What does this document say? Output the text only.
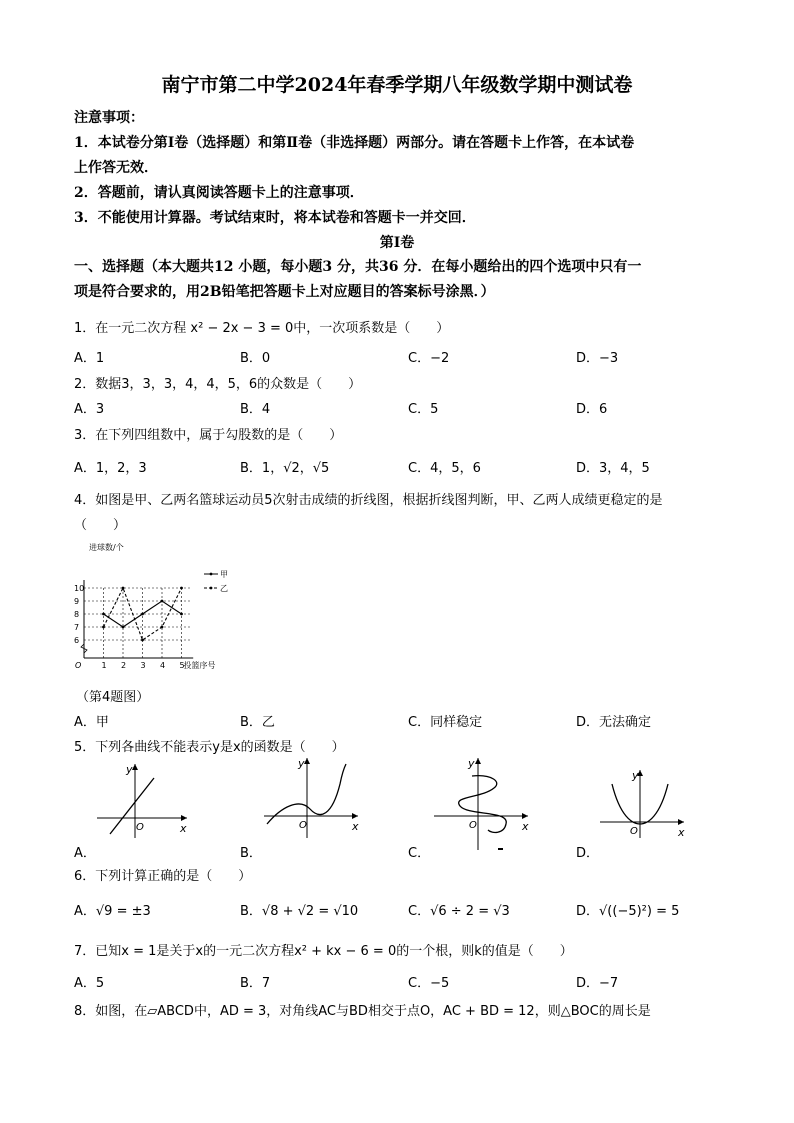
南宁市第二中学2024年春季学期八年级数学期中测试卷
注意事项：
1．本试卷分第Ⅰ卷（选择题）和第Ⅱ卷（非选择题）两部分。请在答题卡上作答，在本试卷
上作答无效．
2．答题前，请认真阅读答题卡上的注意事项．
3．不能使用计算器。考试结束时，将本试卷和答题卡一并交回．
第Ⅰ卷
一、选择题（本大题共12 小题，每小题3 分，共36 分．在每小题给出的四个选项中只有一
项是符合要求的，用2B铅笔把答题卡上对应题目的答案标号涂黑．）
1．在一元二次方程 x² − 2x − 3 = 0中，一次项系数是（　　）
A．1	B．0	C．−2	D．−3
2．数据3，3，3，4，4，5，6的众数是（　　）
A．3	B．4	C．5	D．6
3．在下列四组数中，属于勾股数的是（　　）
A．1，2，3	B．1，√2，√5	C．4，5，6	D．3，4，5
4．如图是甲、乙两名篮球运动员5次射击成绩的折线图，根据折线图判断，甲、乙两人成绩更稳定的是
（　　）
6
7
8
9
10
1 2 3 4 5
O
进球数/个
投篮序号
甲
乙
（第4题图）
A．甲	B．乙	C．同样稳定	D．无法确定
5．下列各曲线不能表示y是x的函数是（　　）
y
x
O
y
x
O
y
x
O
y
x
O
A．	B．	C．	D．
6．下列计算正确的是（　　）
A．√9 = ±3	B．√8 + √2 = √10	C．√6 ÷ 2 = √3	D．√((−5)²) = 5
7．已知x = 1是关于x的一元二次方程x² + kx − 6 = 0的一个根，则k的值是（　　）
A．5	B．7	C．−5	D．−7
8．如图，在▱ABCD中，AD = 3，对角线AC与BD相交于点O，AC + BD = 12，则△BOC的周长是
